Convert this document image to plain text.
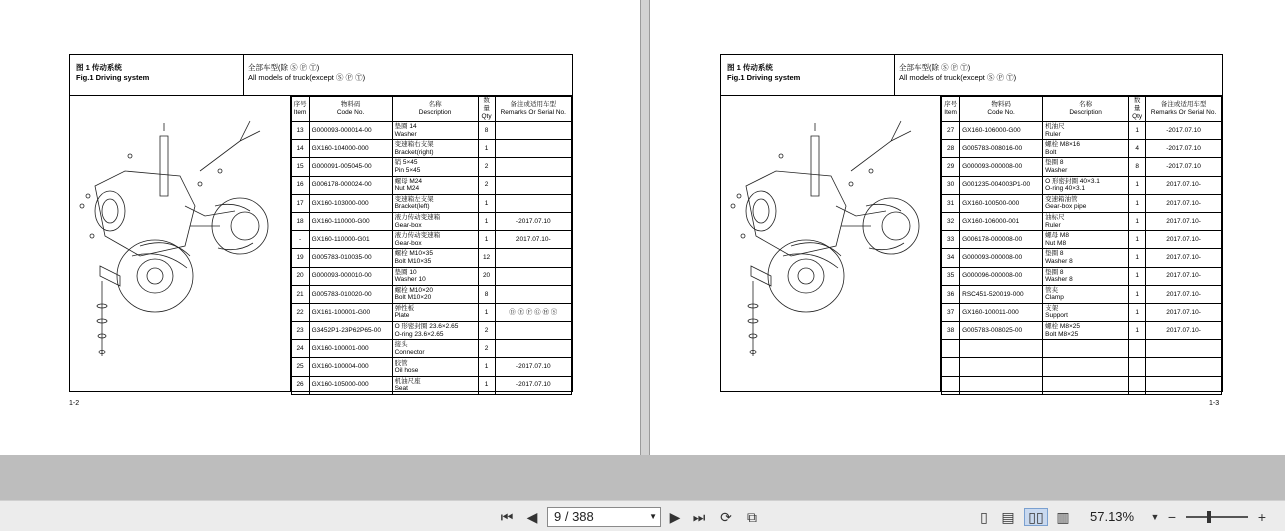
图 1 传动系统
Fig.1 Driving system
全部车型(除 Ⓢ Ⓟ Ⓣ)
All models of truck(except Ⓢ Ⓟ Ⓣ)
序号
Item	物料码
Code No.	名称
Description	数量
Qty	备注或适用车型
Remarks Or Serial No.
13	G000093-000014-00	垫圈 14
Washer	8	
14	GX160-104000-000	变速箱右支架
Bracket(right)	1	
15	G000091-005045-00	销 5×45
Pin 5×45	2	
16	G006178-000024-00	螺母 M24
Nut M24	2	
17	GX160-103000-000	变速箱左支架
Bracket(left)	1	
18	GX160-110000-G00	液力传动变速箱
Gear-box	1	-2017.07.10
-	GX160-110000-G01	液力传动变速箱
Gear-box	1	2017.07.10-
19	G005783-010035-00	螺栓 M10×35
Bolt M10×35	12	
20	G000093-000010-00	垫圈 10
Washer 10	20	
21	G005783-010020-00	螺栓 M10×20
Bolt M10×20	8	
22	GX161-100001-G00	弹性板
Plate	1	Ⓓ Ⓔ Ⓕ Ⓖ Ⓗ Ⓢ
23	G3452P1-23P62P65-00	O 形密封圈 23.6×2.65
O-ring 23.6×2.65	2	
24	GX160-100001-000	接头
Connector	2	
25	GX160-100004-000	胶管
Oil hose	1	-2017.07.10
26	GX160-105000-000	机油尺座
Seat	1	-2017.07.10
1-2
图 1 传动系统
Fig.1 Driving system
全部车型(除 Ⓢ Ⓟ Ⓣ)
All models of truck(except Ⓢ Ⓟ Ⓣ)
序号
Item	物料码
Code No.	名称
Description	数量
Qty	备注或适用车型
Remarks Or Serial No.
27	GX160-106000-G00	机油尺
Ruler	1	-2017.07.10
28	G005783-008016-00	螺栓 M8×16
Bolt	4	-2017.07.10
29	G000093-000008-00	垫圈 8
Washer	8	-2017.07.10
30	G001235-004003P1-00	O 形密封圈 40×3.1
O-ring 40×3.1	1	2017.07.10-
31	GX160-100500-000	变速箱油管
Gear-box pipe	1	2017.07.10-
32	GX160-106000-001	油标尺
Ruler	1	2017.07.10-
33	G006178-000008-00	螺母 M8
Nut M8	1	2017.07.10-
34	G000093-000008-00	垫圈 8
Washer 8	1	2017.07.10-
35	G000096-000008-00	垫圈 8
Washer 8	1	2017.07.10-
36	RSC451-520019-000	管夹
Clamp	1	2017.07.10-
37	GX160-100011-000	支架
Support	1	2017.07.10-
38	G005783-008025-00	螺栓 M8×25
Bolt M8×25	1	2017.07.10-

1-3
⏮ ◀	9 / 388	▼ ▶ ⏭ ⟳	⧉	▯ ▤ ▯▯ ▥ 57.13% ▼ −	+
